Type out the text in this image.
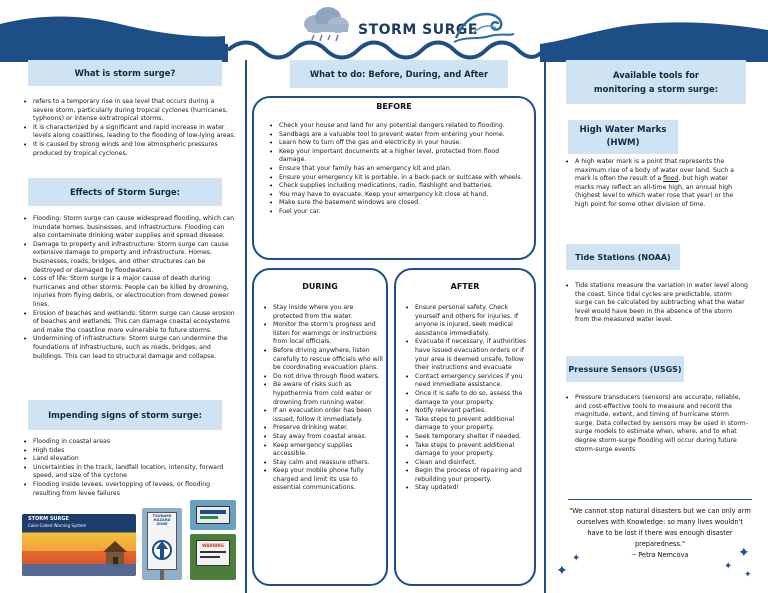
STORM SURGE
What is storm surge?
• refers to a temporary rise in sea level that occurs during a severe storm, particularly during tropical cyclones (hurricanes, typhoons) or intense extratropical storms.
• It is characterized by a significant and rapid increase in water levels along coastlines, leading to the flooding of low-lying areas.
• It is caused by strong winds and low atmospheric pressures produced by tropical cyclones.
Effects of Storm Surge:
• Flooding: Storm surge can cause widespread flooding, which can inundate homes, businesses, and infrastructure. Flooding can also contaminate drinking water supplies and spread disease.
• Damage to property and infrastructure: Storm surge can cause extensive damage to property and infrastructure. Homes, businesses, roads, bridges, and other structures can be destroyed or damaged by floodwaters.
• Loss of life: Storm surge is a major cause of death during hurricanes and other storms. People can be killed by drowning, injuries from flying debris, or electrocution from downed power lines.
• Erosion of beaches and wetlands: Storm surge can cause erosion of beaches and wetlands. This can damage coastal ecosystems and make the coastline more vulnerable to future storms.
• Undermining of infrastructure: Storm surge can undermine the foundations of infrastructure, such as roads, bridges, and buildings. This can lead to structural damage and collapse.
Impending signs of storm surge:
• Flooding in coastal areas
• High tides
• Land elevation
• Uncertainties in the track, landfall location, intensity, forward speed, and size of the cyclone
• Flooding inside levees, overtopping of levees, or flooding resulting from levee failures
STORM SURGE
Color-Coded Warning System
TSUNAMI HAZARD ZONE
WARNING
What to do: Before, During, and After
BEFORE
• Check your house and land for any potential dangers related to flooding.
• Sandbags are a valuable tool to prevent water from entering your home.
• Learn how to turn off the gas and electricity in your house.
• Keep your important documents at a higher level, protected from flood damage.
• Ensure that your family has an emergency kit and plan.
• Ensure your emergency kit is portable, in a back-pack or suitcase with wheels.
• Check supplies including medications, radio, flashlight and batteries.
• You may have to evacuate. Keep your emergency kit close at hand.
• Make sure the basement windows are closed.
• Fuel your car.
DURING
• Stay inside where you are protected from the water.
• Monitor the storm's progress and listen for warnings or instructions from local officials.
• Before driving anywhere, listen carefully to rescue officials who will be coordinating evacuation plans.
• Do not drive through flood waters.
• Be aware of risks such as hypothermia from cold water or drowning from running water.
• If an evacuation order has been issued, follow it immediately.
• Preserve drinking water.
• Stay away from coastal areas.
• Keep emergency supplies accessible.
• Stay calm and reassure others.
• Keep your mobile phone fully charged and limit its use to essential communications.
AFTER
• Ensure personal safety. Check yourself and others for injuries. If anyone is injured, seek medical assistance immediately.
• Evacuate if necessary, if authorities have issued evacuation orders or if your area is deemed unsafe, follow their instructions and evacuate
• Contact emergency services if you need immediate assistance.
• Once it is safe to do so, assess the damage to your property.
• Notify relevant parties.
• Take steps to prevent additional damage to your property.
• Seek temporary shelter if needed.
• Take steps to prevent additional damage to your property.
• Clean and disinfect.
• Begin the process of repairing and rebuilding your property.
• Stay updated!
Available tools for monitoring a storm surge:
High Water Marks (HWM)
• A high water mark is a point that represents the maximum rise of a body of water over land. Such a mark is often the result of a flood, but high water marks may reflect an all-time high, an annual high (highest level to which water rose that year) or the high point for some other division of time.
Tide Stations (NOAA)
• Tide stations measure the variation in water level along the coast. Since tidal cycles are predictable, storm surge can be calculated by subtracting what the water level would have been in the absence of the storm from the measured water level.
Pressure Sensors (USGS)
• Pressure transducers (sensors) are accurate, reliable, and cost-effective tools to measure and record the magnitude, extent, and timing of hurricane storm surge. Data collected by sensors may be used in storm-surge models to estimate when, where, and to what degree storm-surge flooding will occur during future storm-surge events
"We cannot stop natural disasters but we can only arm ourselves with Knowledge: so many lives wouldn't have to be lost if there was enough disaster preparedness."
-- Petra Nemcova
✦
✦	✦
✦
✦
